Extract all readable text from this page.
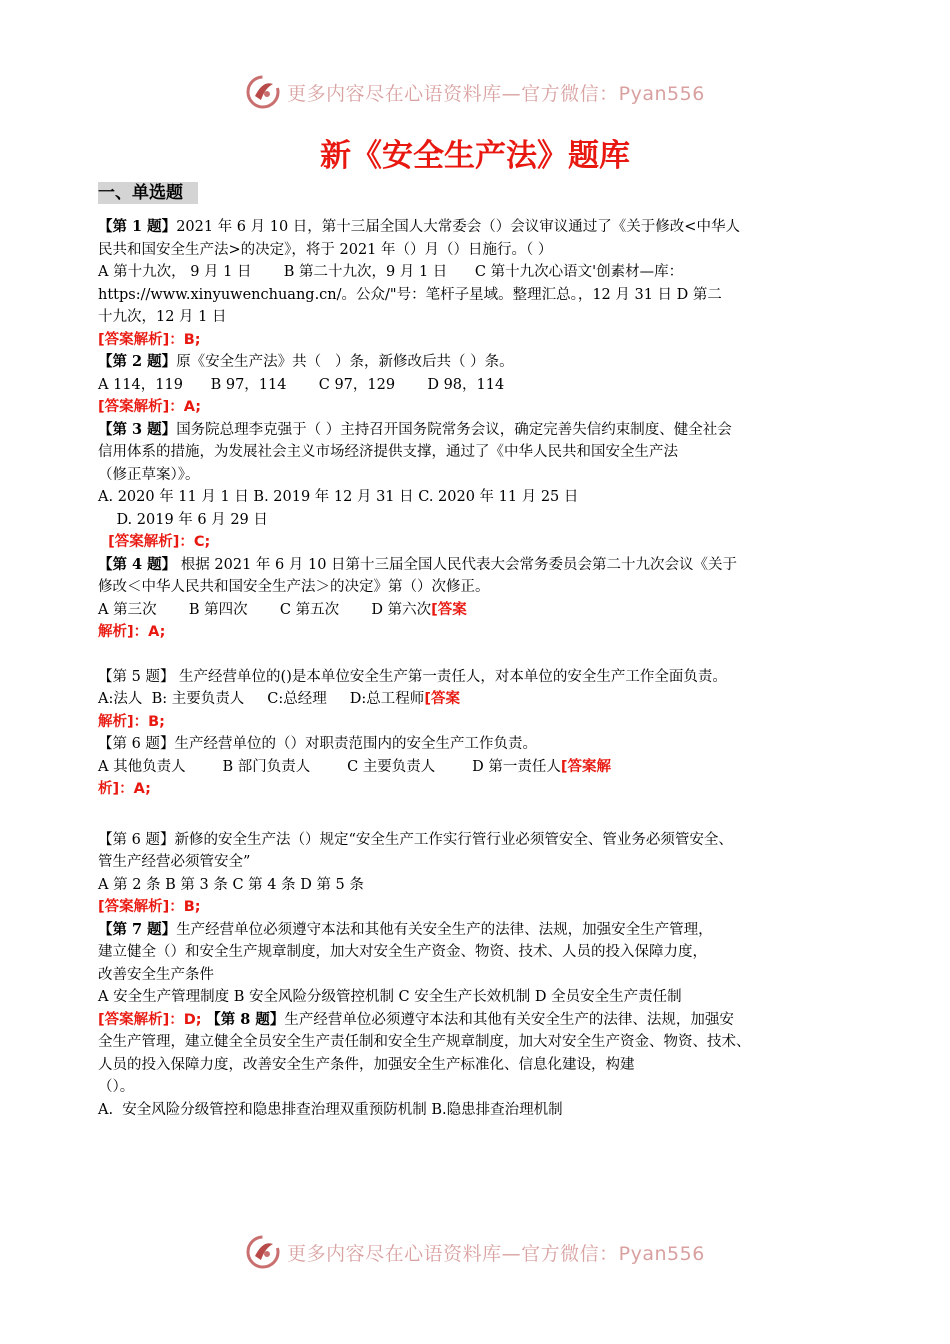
更多内容尽在心语资料库—官方微信：Pyan556
新《安全生产法》题库
一、单选题

【第 1 题】2021 年 6 月 10 日，第十三届全国人大常委会（）会议审议通过了《关于修改<中华人

民共和国安全生产法>的决定》，将于 2021 年（）月（）日施行。（ ）

A 第十九次， 9 月 1 日       B 第二十九次，9 月 1 日      C 第十九次心语文'创素材—库：

https://www.xinyuwenchuang.cn/。公众/"号：笔杆子星域。整理汇总。，12 月 31 日 D 第二

十九次，12 月 1 日

[答案解析]：B;

【第 2 题】原《安全生产法》共（   ）条，新修改后共（ ）条。

A 114，119      B 97，114       C 97，129       D 98，114

[答案解析]：A;

【第 3 题】国务院总理李克强于（ ）主持召开国务院常务会议，确定完善失信约束制度、健全社会

信用体系的措施，为发展社会主义市场经济提供支撑，通过了《中华人民共和国安全生产法

（修正草案）》。

A. 2020 年 11 月 1 日 B. 2019 年 12 月 31 日 C. 2020 年 11 月 25 日

D. 2019 年 6 月 29 日

[答案解析]：C;

【第 4 题】 根据 2021 年 6 月 10 日第十三届全国人民代表大会常务委员会第二十九次会议《关于

修改＜中华人民共和国安全生产法＞的决定》第（）次修正。

A 第三次       B 第四次       C 第五次       D 第六次[答案

解析]：A;

【第 5 题】 生产经营单位的()是本单位安全生产第一责任人，对本单位的安全生产工作全面负责。

A:法人  B: 主要负责人     C:总经理     D:总工程师[答案

解析]：B;

【第 6 题】生产经营单位的（）对职责范围内的安全生产工作负责。

A 其他负责人        B 部门负责人        C 主要负责人        D 第一责任人[答案解

析]：A;

【第 6 题】新修的安全生产法（）规定“安全生产工作实行管行业必须管安全、管业务必须管安全、

管生产经营必须管安全”

A 第 2 条 B 第 3 条 C 第 4 条 D 第 5 条

[答案解析]：B;

【第 7 题】生产经营单位必须遵守本法和其他有关安全生产的法律、法规，加强安全生产管理，

建立健全（）和安全生产规章制度，加大对安全生产资金、物资、技术、人员的投入保障力度，

改善安全生产条件

A 安全生产管理制度 B 安全风险分级管控机制 C 安全生产长效机制 D 全员安全生产责任制

[答案解析]：D; 【第 8 题】生产经营单位必须遵守本法和其他有关安全生产的法律、法规，加强安

全生产管理，建立健全全员安全生产责任制和安全生产规章制度，加大对安全生产资金、物资、技术、

人员的投入保障力度，改善安全生产条件，加强安全生产标准化、信息化建设，构建

（）。

A.  安全风险分级管控和隐患排查治理双重预防机制 B.隐患排查治理机制

更多内容尽在心语资料库—官方微信：Pyan556
